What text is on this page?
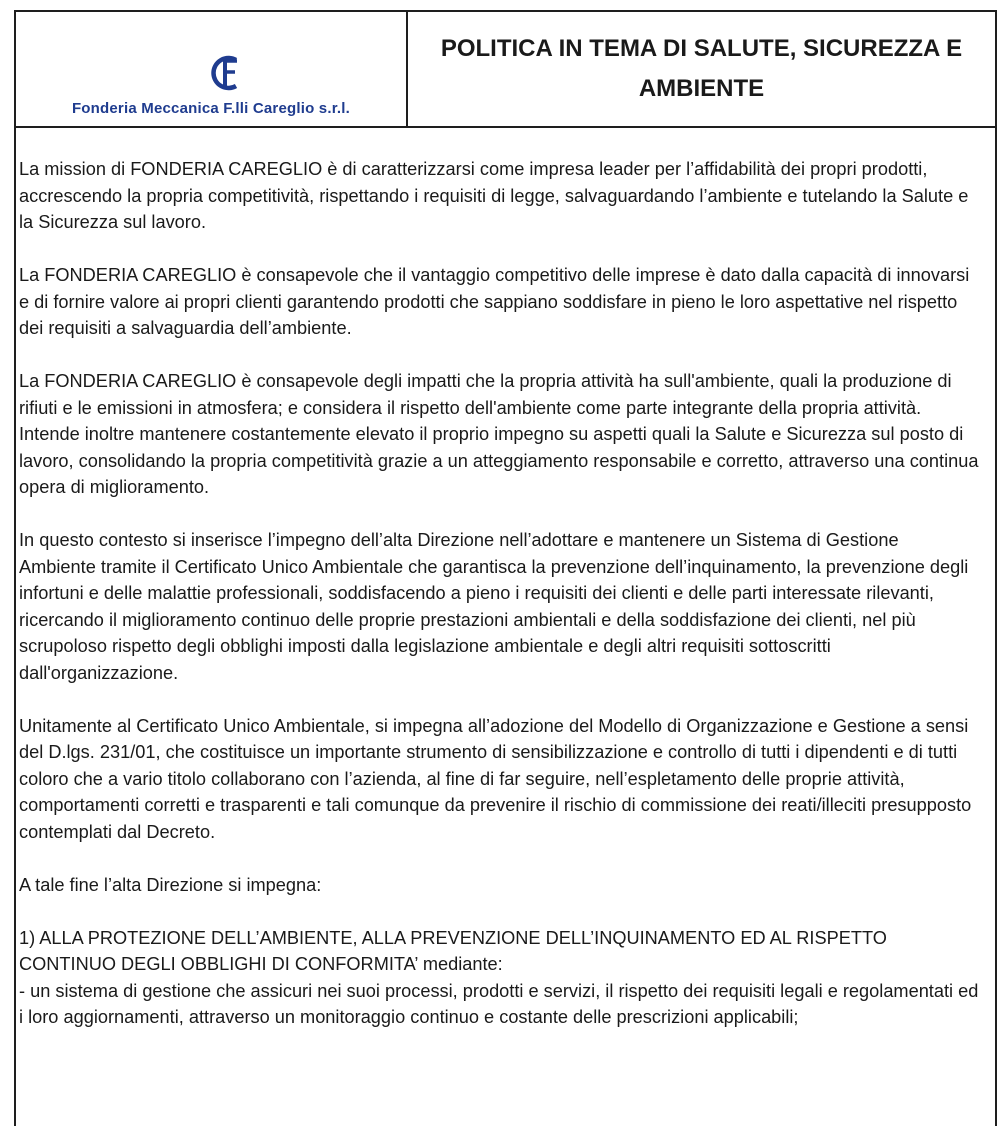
Fonderia Meccanica F.lli Careglio s.r.l.
POLITICA IN TEMA DI SALUTE, SICUREZZA E
AMBIENTE

La mission di FONDERIA CAREGLIO è di caratterizzarsi come impresa leader per l’affidabilità dei propri prodotti, accrescendo la propria competitività, rispettando i requisiti di legge, salvaguardando l’ambiente e tutelando la Salute e la Sicurezza sul lavoro.

La FONDERIA CAREGLIO è consapevole che il vantaggio competitivo delle imprese è dato dalla capacità di innovarsi e di fornire valore ai propri clienti garantendo prodotti che sappiano soddisfare in pieno le loro aspettative nel rispetto dei requisiti a salvaguardia dell’ambiente.

La FONDERIA CAREGLIO è consapevole degli impatti che la propria attività ha sull'ambiente, quali la produzione di rifiuti e le emissioni in atmosfera; e considera il rispetto dell'ambiente come parte integrante della propria attività. Intende inoltre mantenere costantemente elevato il proprio impegno su aspetti quali la Salute e Sicurezza sul posto di lavoro, consolidando la propria competitività grazie a un atteggiamento responsabile e corretto, attraverso una continua opera di miglioramento.

In questo contesto si inserisce l’impegno dell’alta Direzione nell’adottare e mantenere un Sistema di Gestione Ambiente tramite il Certificato Unico Ambientale che garantisca la prevenzione dell’inquinamento, la prevenzione degli infortuni e delle malattie professionali, soddisfacendo a pieno i requisiti dei clienti e delle parti interessate rilevanti, ricercando il miglioramento continuo delle proprie prestazioni ambientali e della soddisfazione dei clienti, nel più scrupoloso rispetto degli obblighi imposti dalla legislazione ambientale e degli altri requisiti sottoscritti dall'organizzazione.

Unitamente al Certificato Unico Ambientale, si impegna all’adozione del Modello di Organizzazione e Gestione a sensi del D.lgs. 231/01, che costituisce un importante strumento di sensibilizzazione e controllo di tutti i dipendenti e di tutti coloro che a vario titolo collaborano con l’azienda, al fine di far seguire, nell’espletamento delle proprie attività, comportamenti corretti e trasparenti e tali comunque da prevenire il rischio di commissione dei reati/illeciti presupposto contemplati dal Decreto.

A tale fine l’alta Direzione si impegna:

1) ALLA PROTEZIONE DELL’AMBIENTE, ALLA PREVENZIONE DELL’INQUINAMENTO ED AL RISPETTO CONTINUO DEGLI OBBLIGHI DI CONFORMITA’ mediante:

- un sistema di gestione che assicuri nei suoi processi, prodotti e servizi, il rispetto dei requisiti legali e regolamentati ed i loro aggiornamenti, attraverso un monitoraggio continuo e costante delle prescrizioni applicabili;
